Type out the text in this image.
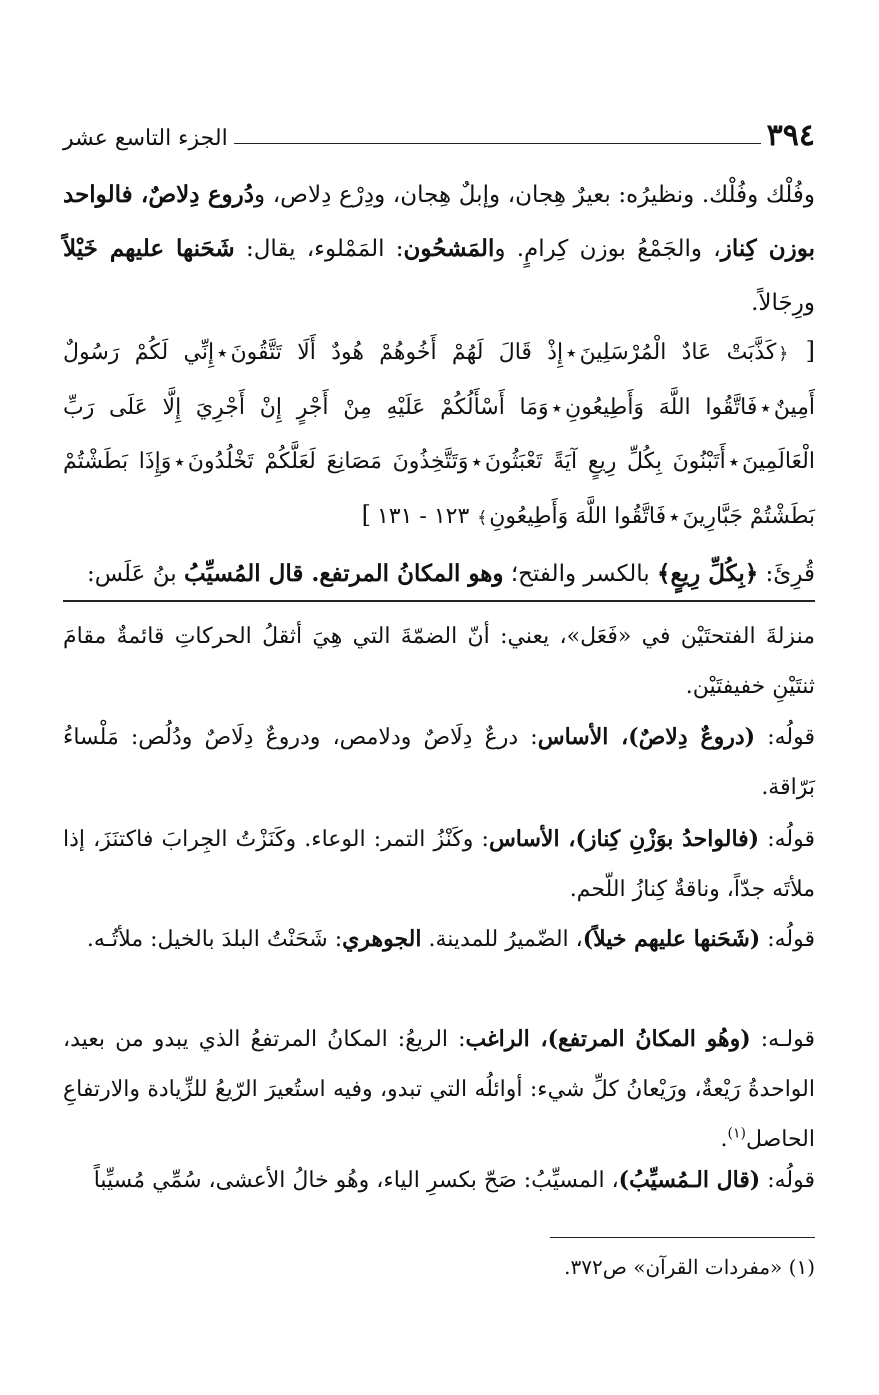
٣٩٤
الجزء التاسع عشر

وفُلْك وفُلْك. ونظيرُه: بعيرٌ هِجان، وإبلٌ هِجان، ودِرْع دِلاص، ودُروع دِلاصٌ، فالواحد بوزن كِناز، والجَمْعُ بوزن كِرامٍ. والمَشحُون: المَمْلوء، يقال: شَحَنها عليهم خَيْلاً ورِجَالاً.

[ ﴿كَذَّبَتْ عَادٌ الْمُرْسَلِينَ٭إِذْ قَالَ لَهُمْ أَخُوهُمْ هُودٌ أَلَا تَتَّقُونَ٭إِنِّي لَكُمْ رَسُولٌ أَمِينٌ٭فَاتَّقُوا اللَّهَ وَأَطِيعُونِ٭وَمَا أَسْأَلُكُمْ عَلَيْهِ مِنْ أَجْرٍ إِنْ أَجْرِيَ إِلَّا عَلَى رَبِّ الْعَالَمِينَ٭أَتَبْنُونَ بِكُلِّ رِيعٍ آيَةً تَعْبَثُونَ٭وَتَتَّخِذُونَ مَصَانِعَ لَعَلَّكُمْ تَخْلُدُونَ٭وَإِذَا بَطَشْتُمْ بَطَشْتُمْ جَبَّارِينَ٭فَاتَّقُوا اللَّهَ وَأَطِيعُونِ﴾١٢٣ - ١٣١]

قُرِئَ: ﴿بِكُلِّ رِيعٍ﴾ بالكسر والفتح؛ وهو المكانُ المرتفع. قال المُسيِّبُ بنُ عَلَس:

منزلةَ الفتحتَيْن في «فَعَل»، يعني: أنّ الضمّةَ التي هِيَ أثقلُ الحركاتِ قائمةٌ مقامَ ثنتَيْنِ خفيفتَيْن.

قولُه: (دروعٌ دِلاصٌ)، الأساس: درعٌ دِلَاصٌ ودلامص، ودروعٌ دِلَاصٌ ودُلُص: مَلْساءُ بَرّاقة.

قولُه: (فالواحدُ بوَزْنِ كِناز)، الأساس: وكَنْزُ التمر: الوعاء. وكَنَزْتُ الجِرابَ فاكتنَزَ، إذا ملأتَه جدّاً، وناقةٌ كِنازُ اللّحم.

قولُه: (شَحَنها عليهم خيلاً)، الضّميرُ للمدينة. الجوهري: شَحَنْتُ البلدَ بالخيل: ملأتُـه.

قولـه: (وهُو المكانُ المرتفع)، الراغب: الريعُ: المكانُ المرتفعُ الذي يبدو من بعيد، الواحدةُ رَيْعةٌ، ورَيْعانُ كلِّ شيء: أوائلُه التي تبدو، وفيه استُعيرَ الرّيعُ للزِّيادة والارتفاعِ الحاصل$^{(١)}$.

قولُه: (قال الـمُسيِّبُ)، المسيِّبُ: صَحّ بكسرِ الياء، وهُو خالُ الأعشى، سُمِّي مُسيِّباً

(١) «مفردات القرآن» ص٣٧٢.
